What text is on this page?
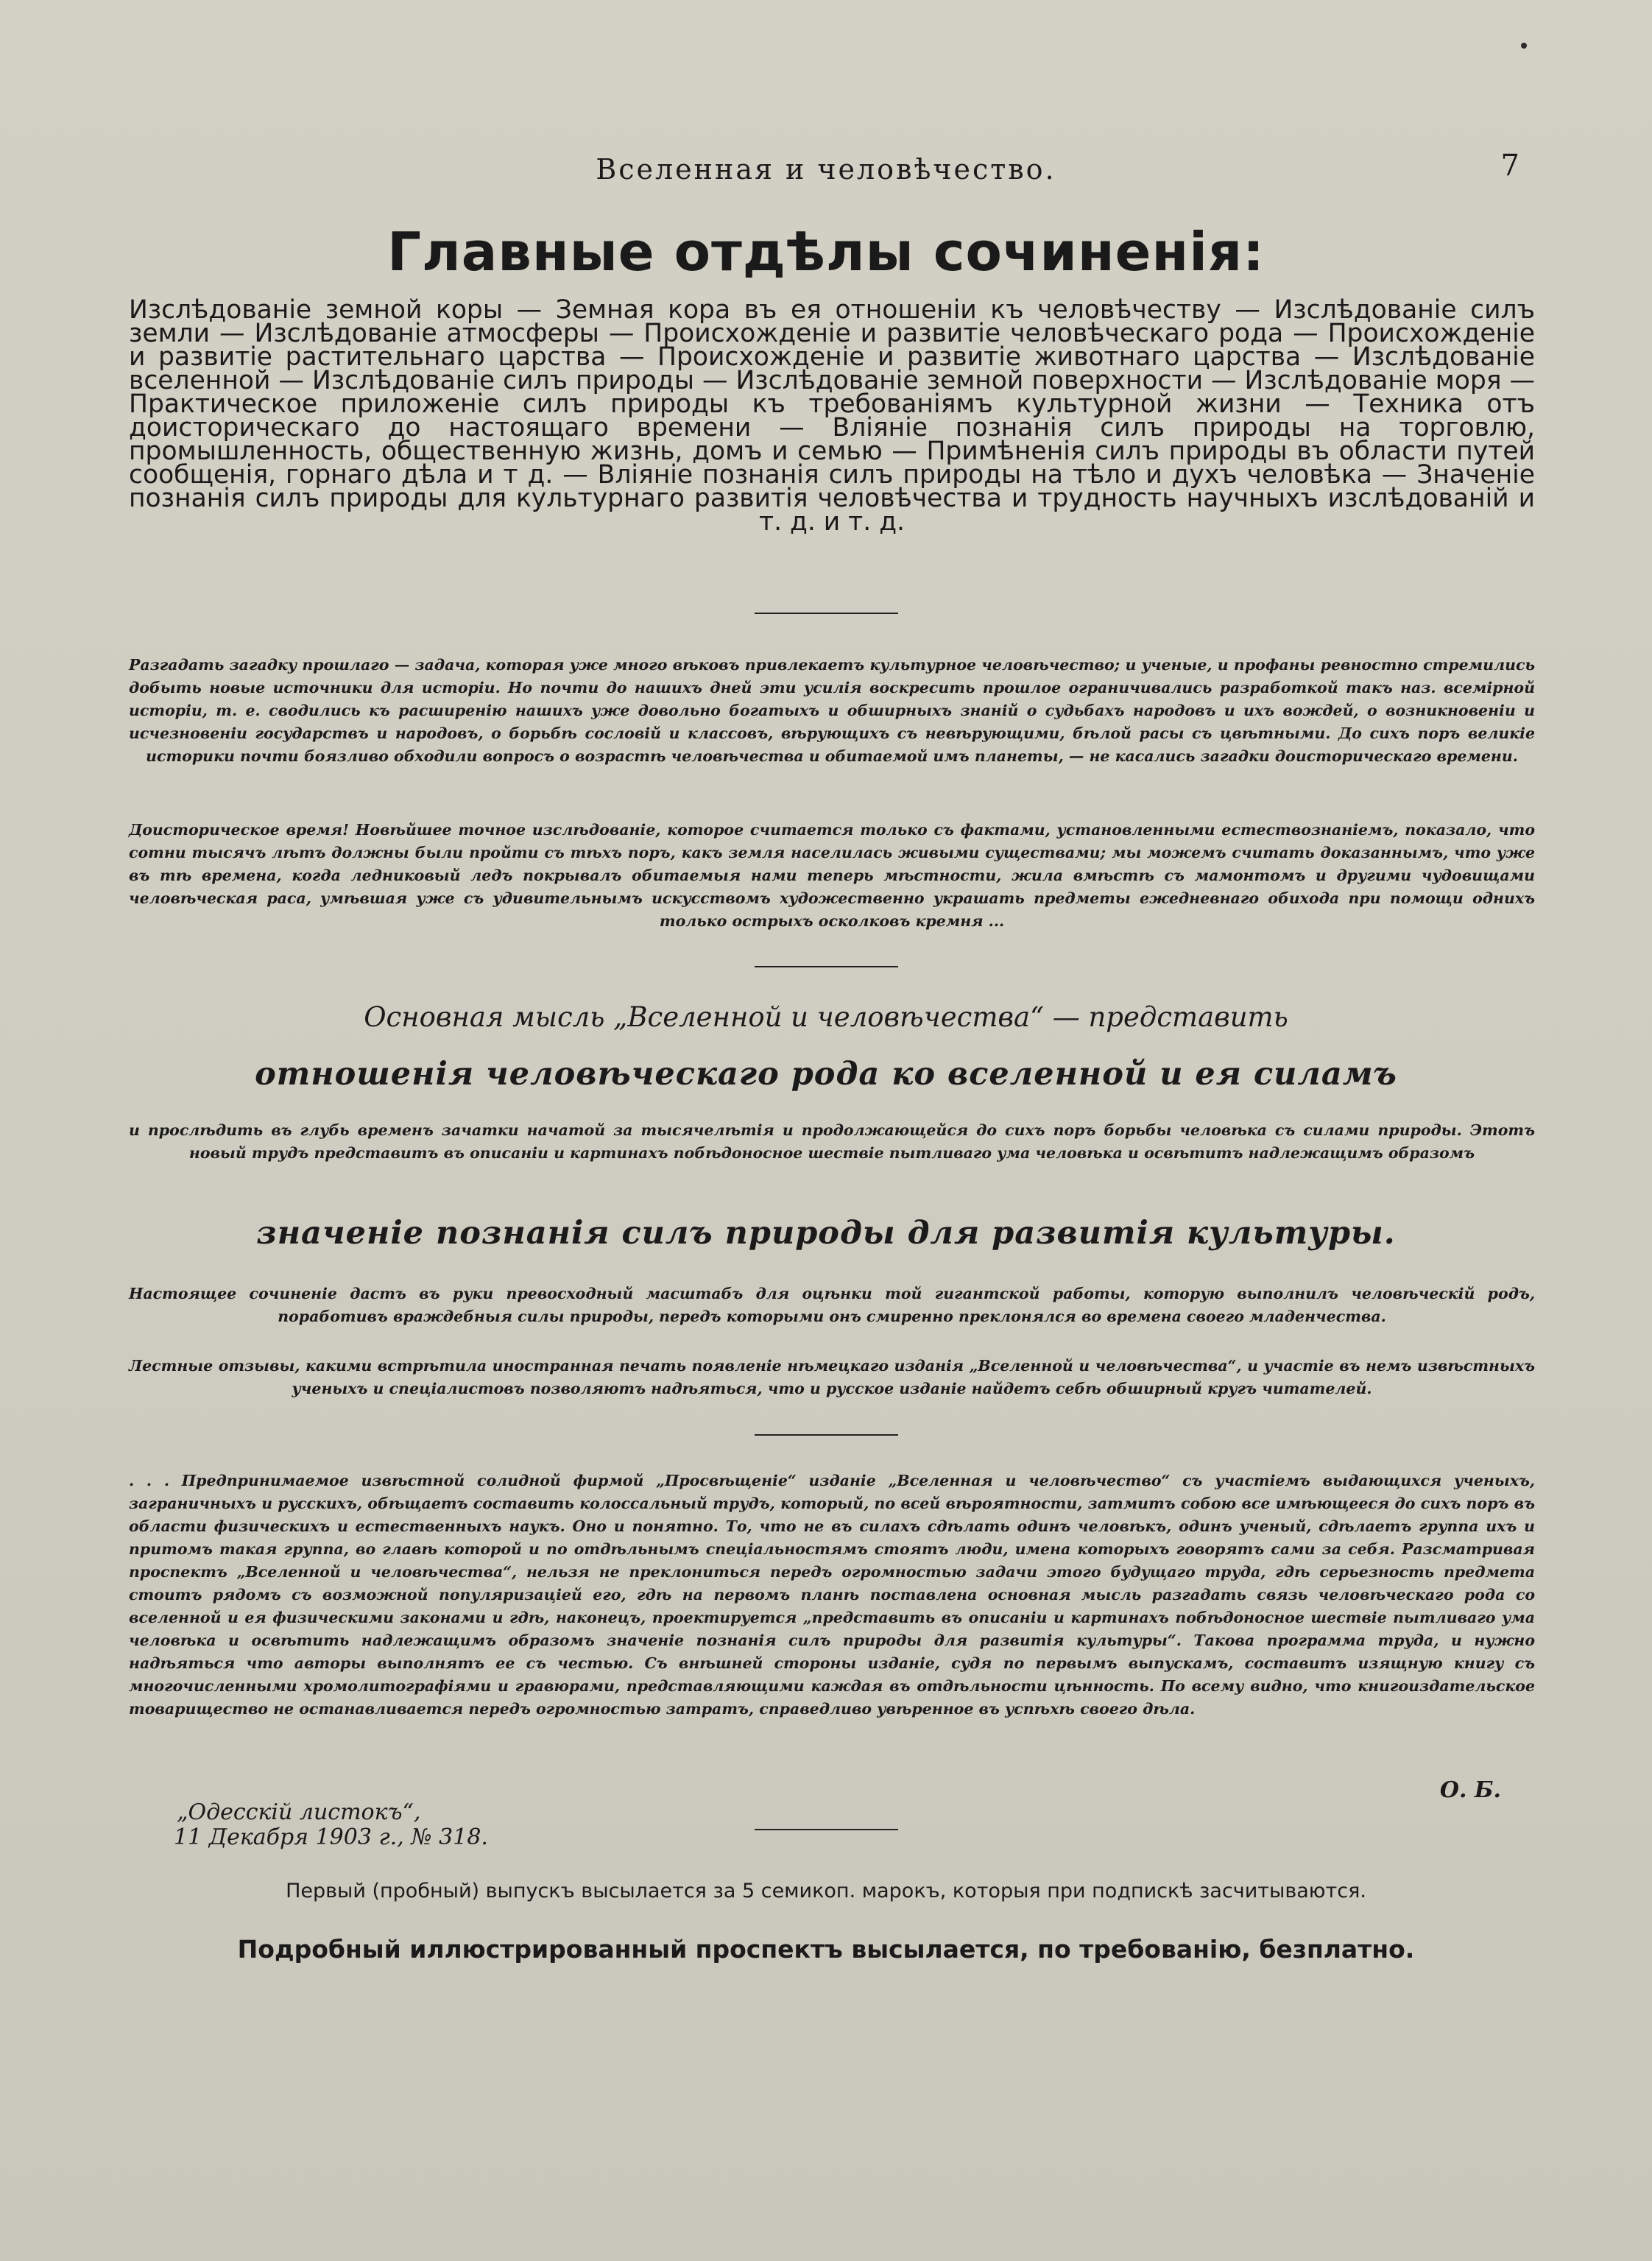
Вселенная и человѣчество.	7
Главные отдѣлы сочиненія:
Изслѣдованіе земной коры — Земная кора въ ея отношеніи къ человѣчеству — Изслѣдованіе силъ земли — Изслѣдованіе атмосферы — Происхожденіе и развитіе человѣческаго рода — Происхожденіе и развитіе растительнаго царства — Происхожденіе и развитіе животнаго царства — Изслѣдованіе вселенной — Изслѣдованіе силъ природы — Изслѣдованіе земной поверхности — Изслѣдованіе моря — Практическое приложеніе силъ природы къ требованіямъ культурной жизни — Техника отъ доисторическаго до настоящаго времени — Вліяніе познанія силъ природы на торговлю, промышленность, общественную жизнь, домъ и семью — Примѣненія силъ природы въ области путей сообщенія, горнаго дѣла и т д. — Вліяніе познанія силъ природы на тѣло и духъ человѣка — Значеніе познанія силъ природы для культурнаго развитія человѣчества и трудность научныхъ изслѣдованій и т. д. и т. д.
Разгадать загадку прошлаго — задача, которая уже много вѣковъ привлекаетъ культурное человѣчество; и ученые, и профаны ревностно стремились добыть новые источники для исторіи. Но почти до нашихъ дней эти усилія воскресить прошлое ограничивались разработкой такъ наз. всемірной исторіи, т. е. сводились къ расширенію нашихъ уже довольно богатыхъ и обширныхъ знаній о судьбахъ народовъ и ихъ вождей, о возникновеніи и исчезновеніи государствъ и народовъ, о борьбѣ сословій и классовъ, вѣрующихъ съ невѣрующими, бѣлой расы съ цвѣтными. До сихъ поръ великіе историки почти боязливо обходили вопросъ о возрастѣ человѣчества и обитаемой имъ планеты, — не касались загадки доисторическаго времени.
Доисторическое время! Новѣйшее точное изслѣдованіе, которое считается только съ фактами, установленными естествознаніемъ, показало, что сотни тысячъ лѣтъ должны были пройти съ тѣхъ поръ, какъ земля населилась живыми существами; мы можемъ считать доказаннымъ, что уже въ тѣ времена, когда ледниковый ледъ покрывалъ обитаемыя нами теперь мѣстности, жила вмѣстѣ съ мамонтомъ и другими чудовищами человѣческая раса, умѣвшая уже съ удивительнымъ искусствомъ художественно украшать предметы ежедневнаго обихода при помощи однихъ только острыхъ осколковъ кремня ...
Основная мысль „Вселенной и человѣчества“ — представить
отношенія человѣческаго рода ко вселенной и ея силамъ
и прослѣдить въ глубь временъ зачатки начатой за тысячелѣтія и продолжающейся до сихъ поръ борьбы человѣка съ силами природы. Этотъ новый трудъ представитъ въ описаніи и картинахъ побѣдоносное шествіе пытливаго ума человѣка и освѣтитъ надлежащимъ образомъ
значеніе познанія силъ природы для развитія культуры.
Настоящее сочиненіе дастъ въ руки превосходный масштабъ для оцѣнки той гигантской работы, которую выполнилъ человѣческій родъ, поработивъ враждебныя силы природы, передъ которыми онъ смиренно преклонялся во времена своего младенчества.
Лестные отзывы, какими встрѣтила иностранная печать появленіе нѣмецкаго изданія „Вселенной и человѣчества“, и участіе въ немъ извѣстныхъ ученыхъ и спеціалистовъ позволяютъ надѣяться, что и русское изданіе найдетъ себѣ обширный кругъ читателей.
. . . Предпринимаемое извѣстной солидной фирмой „Просвѣщеніе“ изданіе „Вселенная и человѣчество“ съ участіемъ выдающихся ученыхъ, заграничныхъ и русскихъ, обѣщаетъ составить колоссальный трудъ, который, по всей вѣроятности, затмитъ собою все имѣющееся до сихъ поръ въ области физическихъ и естественныхъ наукъ. Оно и понятно. То, что не въ силахъ сдѣлать одинъ человѣкъ, одинъ ученый, сдѣлаетъ группа ихъ и притомъ такая группа, во главѣ которой и по отдѣльнымъ спеціальностямъ стоятъ люди, имена которыхъ говорятъ сами за себя. Разсматривая проспектъ „Вселенной и человѣчества“, нельзя не преклониться передъ огромностью задачи этого будущаго труда, гдѣ серьезность предмета стоитъ рядомъ съ возможной популяризаціей его, гдѣ на первомъ планѣ поставлена основная мысль разгадать связь человѣческаго рода со вселенной и ея физическими законами и гдѣ, наконецъ, проектируется „представить въ описаніи и картинахъ побѣдоносное шествіе пытливаго ума человѣка и освѣтить надлежащимъ образомъ значеніе познанія силъ природы для развитія культуры“. Такова программа труда, и нужно надѣяться что авторы выполнятъ ее съ честью. Съ внѣшней стороны изданіе, судя по первымъ выпускамъ, составитъ изящную книгу съ многочисленными хромолитографіями и гравюрами, представляющими каждая въ отдѣльности цѣнность. По всему видно, что книгоиздательское товарищество не останавливается передъ огромностью затратъ, справедливо увѣренное въ успѣхѣ своего дѣла.
О. Б.
„Одесскій листокъ“,
11 Декабря 1903 г., № 318.
Первый (пробный) выпускъ высылается за 5 семикоп. марокъ, которыя при подпискѣ засчитываются.
Подробный иллюстрированный проспектъ высылается, по требованію, безплатно.
